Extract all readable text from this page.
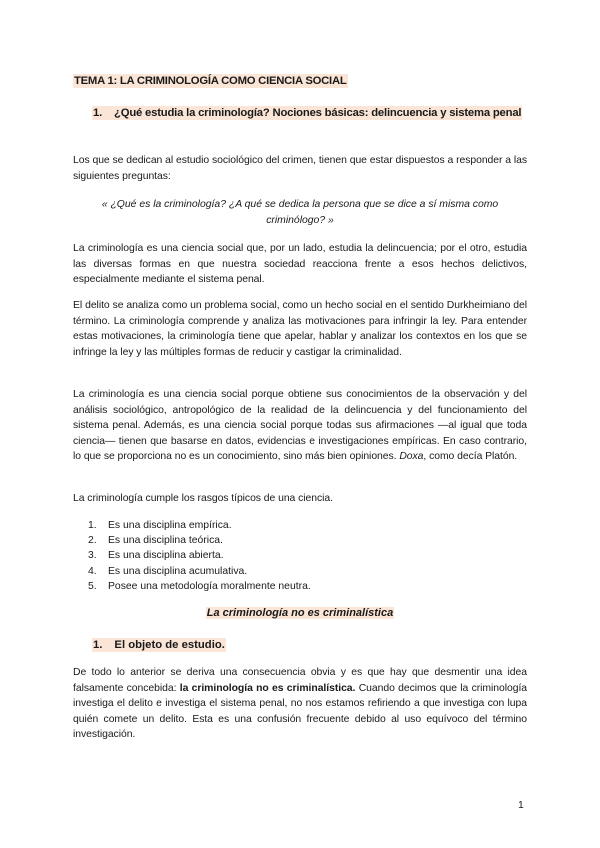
TEMA 1: LA CRIMINOLOGÍA COMO CIENCIA SOCIAL
1. ¿Qué estudia la criminología? Nociones básicas: delincuencia y sistema penal
Los que se dedican al estudio sociológico del crimen, tienen que estar dispuestos a responder a las siguientes preguntas:
« ¿Qué es la criminología? ¿A qué se dedica la persona que se dice a sí misma como criminólogo? »
La criminología es una ciencia social que, por un lado, estudia la delincuencia; por el otro, estudia las diversas formas en que nuestra sociedad reacciona frente a esos hechos delictivos, especialmente mediante el sistema penal.
El delito se analiza como un problema social, como un hecho social en el sentido Durkheimiano del término. La criminología comprende y analiza las motivaciones para infringir la ley. Para entender estas motivaciones, la criminología tiene que apelar, hablar y analizar los contextos en los que se infringe la ley y las múltiples formas de reducir y castigar la criminalidad.
La criminología es una ciencia social porque obtiene sus conocimientos de la observación y del análisis sociológico, antropológico de la realidad de la delincuencia y del funcionamiento del sistema penal. Además, es una ciencia social porque todas sus afirmaciones —al igual que toda ciencia— tienen que basarse en datos, evidencias e investigaciones empíricas. En caso contrario, lo que se proporciona no es un conocimiento, sino más bien opiniones. Doxa, como decía Platón.
La criminología cumple los rasgos típicos de una ciencia.
1. Es una disciplina empírica.
2. Es una disciplina teórica.
3. Es una disciplina abierta.
4. Es una disciplina acumulativa.
5. Posee una metodología moralmente neutra.
La criminología no es criminalística
1. El objeto de estudio.
De todo lo anterior se deriva una consecuencia obvia y es que hay que desmentir una idea falsamente concebida: la criminología no es criminalística. Cuando decimos que la criminología investiga el delito e investiga el sistema penal, no nos estamos refiriendo a que investiga con lupa quién comete un delito. Esta es una confusión frecuente debido al uso equívoco del término investigación.
1
